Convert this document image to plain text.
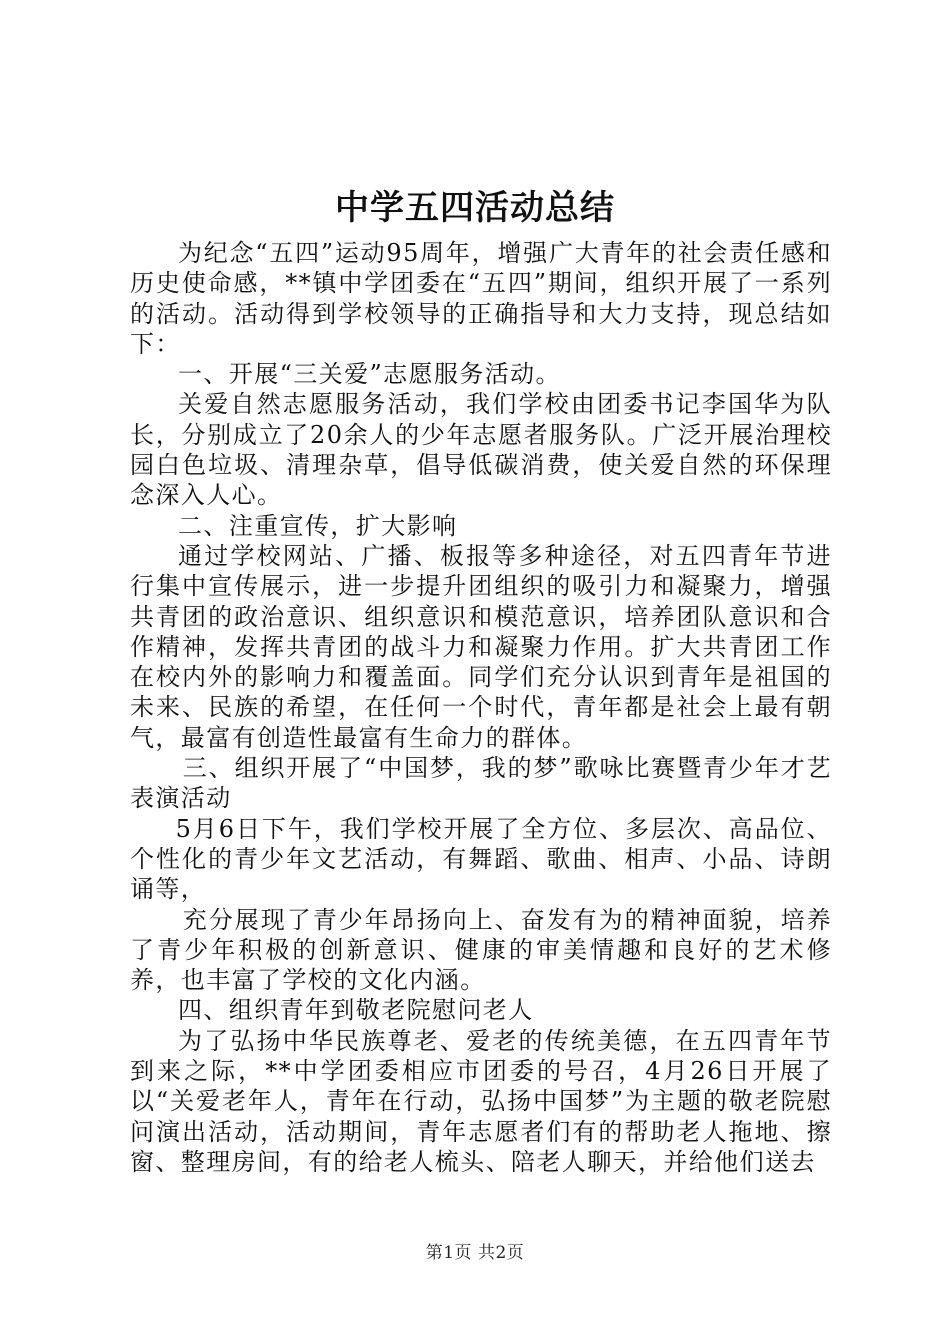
中学五四活动总结

为纪念“五四”运动95周年，增强广大青年的社会责任感和历史使命感，**镇中学团委在“五四”期间，组织开展了一系列的活动。活动得到学校领导的正确指导和大力支持，现总结如下：

一、开展“三关爱”志愿服务活动。

关爱自然志愿服务活动，我们学校由团委书记李国华为队长，分别成立了20余人的少年志愿者服务队。广泛开展治理校园白色垃圾、清理杂草，倡导低碳消费，使关爱自然的环保理念深入人心。

二、注重宣传，扩大影响

通过学校网站、广播、板报等多种途径，对五四青年节进行集中宣传展示，进一步提升团组织的吸引力和凝聚力，增强共青团的政治意识、组织意识和模范意识，培养团队意识和合作精神，发挥共青团的战斗力和凝聚力作用。扩大共青团工作在校内外的影响力和覆盖面。同学们充分认识到青年是祖国的未来、民族的希望，在任何一个时代，青年都是社会上最有朝气，最富有创造性最富有生命力的群体。

三、组织开展了“中国梦，我的梦”歌咏比赛暨青少年才艺表演活动

5月6日下午，我们学校开展了全方位、多层次、高品位、个性化的青少年文艺活动，有舞蹈、歌曲、相声、小品、诗朗诵等，

充分展现了青少年昂扬向上、奋发有为的精神面貌，培养了青少年积极的创新意识、健康的审美情趣和良好的艺术修养，也丰富了学校的文化内涵。

四、组织青年到敬老院慰问老人

为了弘扬中华民族尊老、爱老的传统美德，在五四青年节到来之际，**中学团委相应市团委的号召，4月26日开展了以“关爱老年人，青年在行动，弘扬中国梦”为主题的敬老院慰问演出活动，活动期间，青年志愿者们有的帮助老人拖地、擦窗、整理房间，有的给老人梳头、陪老人聊天，并给他们送去

第1页 共2页
